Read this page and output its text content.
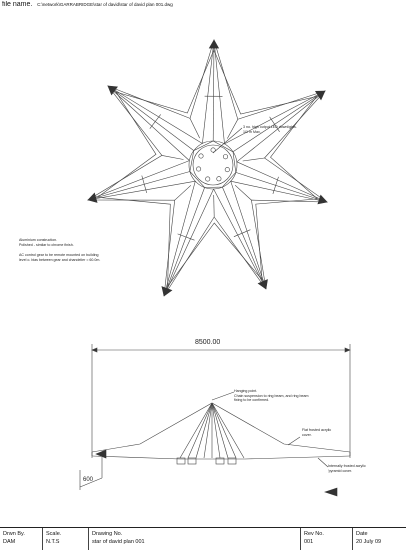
file name. C:\network\GARRABRIDGE\star of david\star of david plan 001.dwg
Aluminium construction.
Polished - similar to chrome finish.
AC control gear to be remote mounted on building
level o. bias between gear and chandelier = 60.0m.
3 no. high output LED downlights.
1/1 m Max.
8500.00
Hanging point.
Chain suspension to ring beam, and ring beam
fixing to be confirmed.
Flat frosted acrylic
cover.
Internally frosted acrylic
'pyramid cover.
600
Drwn By.
DAM
Scale.
N.T.S
Drawing No.
star of david plan 001
Rev No.
001
Date
20 July 09
